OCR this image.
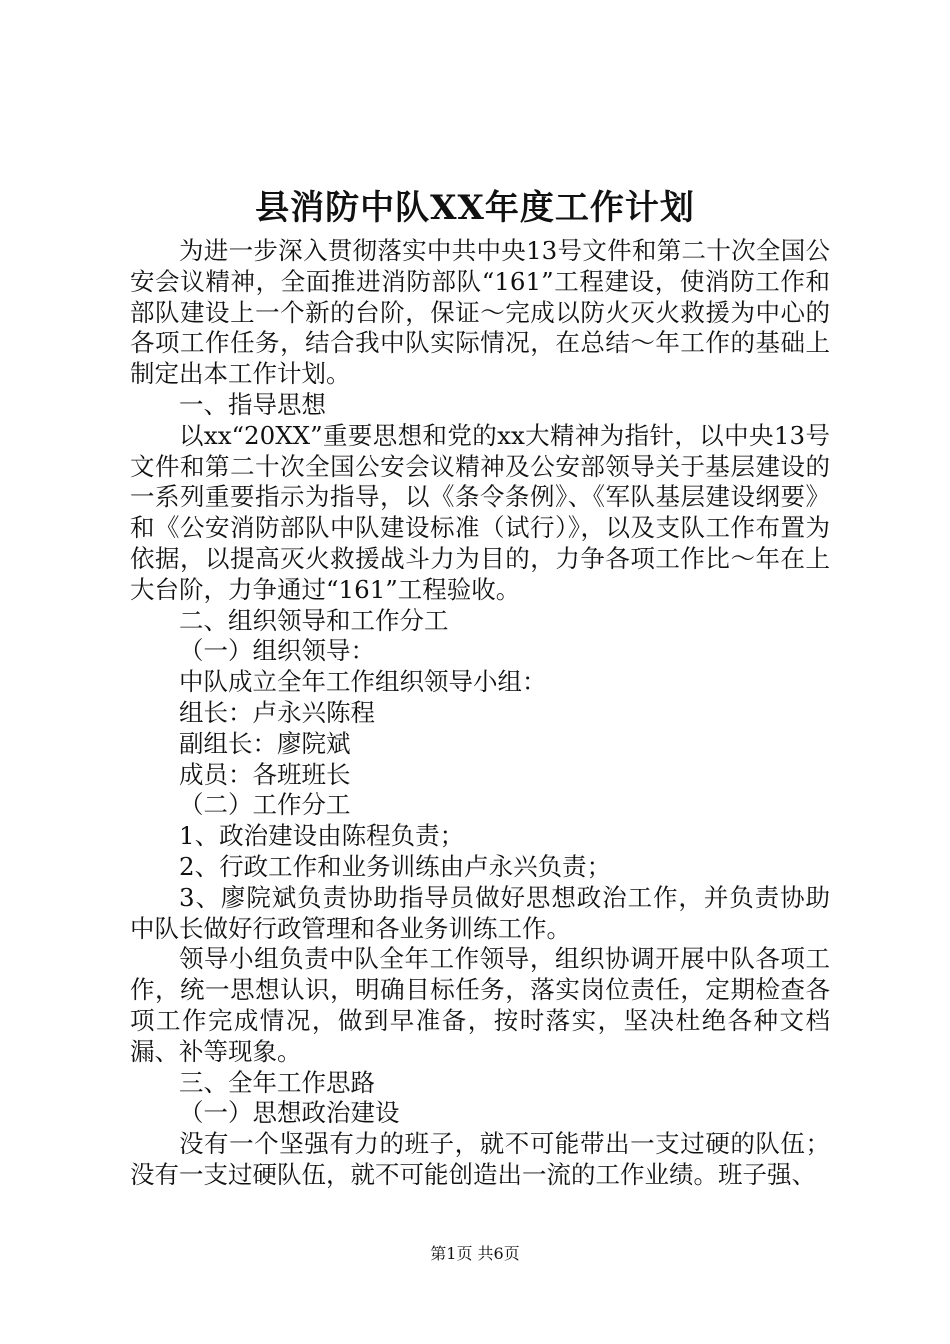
县消防中队XX年度工作计划

为进一步深入贯彻落实中共中央13号文件和第二十次全国公安会议精神，全面推进消防部队“161”工程建设，使消防工作和部队建设上一个新的台阶，保证～完成以防火灭火救援为中心的各项工作任务，结合我中队实际情况，在总结～年工作的基础上制定出本工作计划。

一、指导思想

以xx“20XX”重要思想和党的xx大精神为指针，以中央13号文件和第二十次全国公安会议精神及公安部领导关于基层建设的一系列重要指示为指导，以《条令条例》、《军队基层建设纲要》和《公安消防部队中队建设标准（试行）》，以及支队工作布置为依据，以提高灭火救援战斗力为目的，力争各项工作比～年在上大台阶，力争通过“161”工程验收。

二、组织领导和工作分工

（一）组织领导：

中队成立全年工作组织领导小组：

组长：卢永兴陈程

副组长：廖院斌

成员：各班班长

（二）工作分工

1、政治建设由陈程负责；

2、行政工作和业务训练由卢永兴负责；

3、廖院斌负责协助指导员做好思想政治工作，并负责协助中队长做好行政管理和各业务训练工作。

领导小组负责中队全年工作领导，组织协调开展中队各项工作，统一思想认识，明确目标任务，落实岗位责任，定期检查各项工作完成情况，做到早准备，按时落实，坚决杜绝各种文档漏、补等现象。

三、全年工作思路

（一）思想政治建设

没有一个坚强有力的班子，就不可能带出一支过硬的队伍；没有一支过硬队伍，就不可能创造出一流的工作业绩。班子强、

第1页 共6页
